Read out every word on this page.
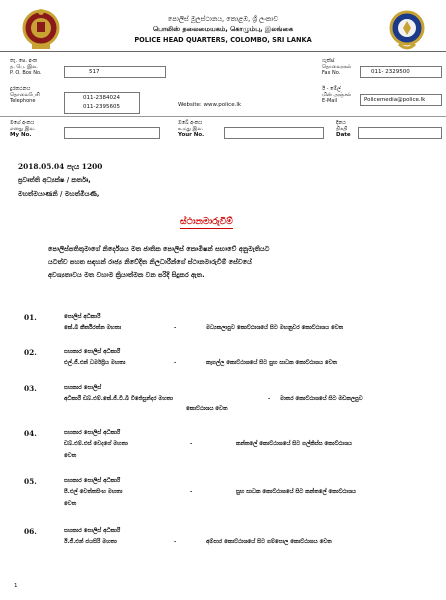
පොලිස් මූලස්ථානය, කොළඹ, ශ්‍රී ලංකාව
பொலிஸ் தலைமையகம், கொழும்பு, இலங்கை
POLICE HEAD QUARTERS, COLOMBO, SRI LANKA
තැ. පෙ. අංක
த. பெ. இல.
P. O. Box No.	517
දුරකථනය
தொலைபேசி
Telephone	011-2384024
011-2395605	Website: www.police.lk
ෆැක්ස්
தொலைநகல்
Fax No.	011- 2329500
ඊ - මේල්
மின் அஞ்சல்
E-Mail	Policemedia@police.lk
මගේ අංකය
எனது இல.
My No.
ඔබේ අංකය
உமது இல.
Your No.
දිනය
திகதி
Date
2018.05.04 පැය 1200
ප්‍රවෘත්ති අධ්‍යක්ෂ / කර්තෘ,
මහත්මයාණනි / මහත්මියණි,
ස්ථානමාරුවීම්
පොලිස්පතිතුමාගේ නිර්දේශය මත ජාතික පොලිස් කොමිෂන් සභාවේ අනුමැතියට
යටත්ව පහත සඳහන් රාජ්‍ය නිවේදිත නිලධාරීන්ගේ ස්ථානමාරුවීම් සේවයේ
අවශ්‍යතාවය මත වහාම ක්‍රියාත්මක වන පරිදි සිදුකර ඇත.
01.	පොලිස් අධිකාරී
කේ.බී කීර්තිරත්න මහතා	-	මධ්‍යකලාපුව කොට්ඨාශයේ සිට මහනුවර කොට්ඨාශය වෙත
02.	සහකාර පොලිස් අධිකාරී
එල්.ජී.එන් ධර්මප්‍රිය මහතා	-	කෑගල්ල කොට්ඨාශයේ සිට සුභ සාධක කොට්ඨාශය වෙත
03.	සහකාර පොලිස්
අධිකාරී ඩබ්.එම්.කේ.ජී.ටී.බී විජේසුන්දර මහතා	- මාතර කොට්ඨාශයේ සිට මඩකලපුව
කොට්ඨාශය වෙත
04.	සහකාර පොලිස් අධිකාරී
ඩබ්.එම්.එස් වෙදගේ මහතා	-	කන්තලේ කොට්ඨාශයේ සිට ගල්කිස්ස කොට්ඨාශය
වෙත
05.	සහකාර පොලිස් අධිකාරී
පී.එල් වෙත්තසිංහ මහතා	-	සුභ සාධක කොට්ඨාශයේ සිට කන්තලේ කොට්ඨාශය
වෙත
06.	සහකාර පොලිස් අධිකාරී
ඊ.ජී.එන් ජයසිරි මහතා	-	අම්පාර කොට්ඨාශයේ සිට ගම්පොල කොට්ඨාශය වෙත
1
